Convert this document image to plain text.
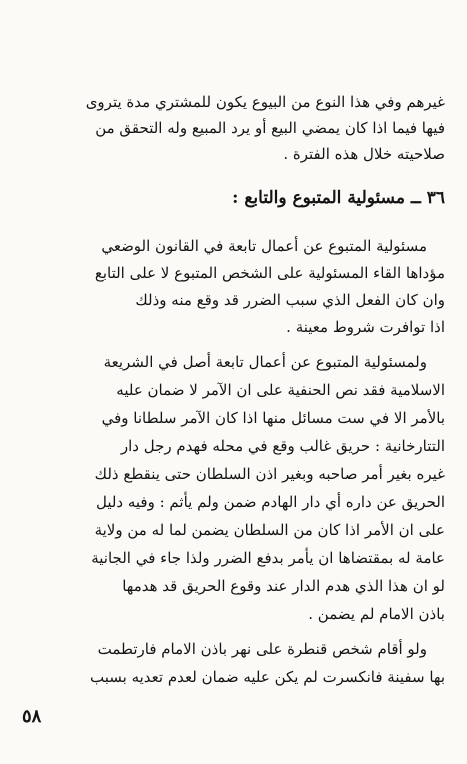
غيرهم وفي هذا النوع من البيوع يكون للمشتري مدة يتروى
فيها فيما اذا كان يمضي البيع أو يرد المبيع وله التحقق من
صلاحيته خلال هذه الفترة .
٣٦ ــ مسئولية المتبوع والتابع :
مسئولية المتبوع عن أعمال تابعة في القانون الوضعي
مؤداها القاء المسئولية على الشخص المتبوع لا على التابع
وان كان الفعل الذي سبب الضرر قد وقع منه وذلك
اذا توافرت شروط معينة .
ولمسئولية المتبوع عن أعمال تابعة أصل في الشريعة
الاسلامية فقد نص الحنفية على ان الآمر لا ضمان عليه
بالأمر الا في ست مسائل منها اذا كان الآمر سلطانا وفي
التتارخانية : حريق غالب وقع في محله فهدم رجل دار
غيره بغير أمر صاحبه وبغير اذن السلطان حتى ينقطع ذلك
الحريق عن داره أي دار الهادم ضمن ولم يأثم : وفيه دليل
على ان الأمر اذا كان من السلطان يضمن لما له من ولاية
عامة له بمقتضاها ان يأمر بدفع الضرر ولذا جاء في الجانية
لو ان هذا الذي هدم الدار عند وقوع الحريق قد هدمها
باذن الامام لم يضمن .
ولو أقام شخص قنطرة على نهر باذن الامام فارتطمت
بها سفينة فانكسرت لم يكن عليه ضمان لعدم تعديه بسبب
٥٨
